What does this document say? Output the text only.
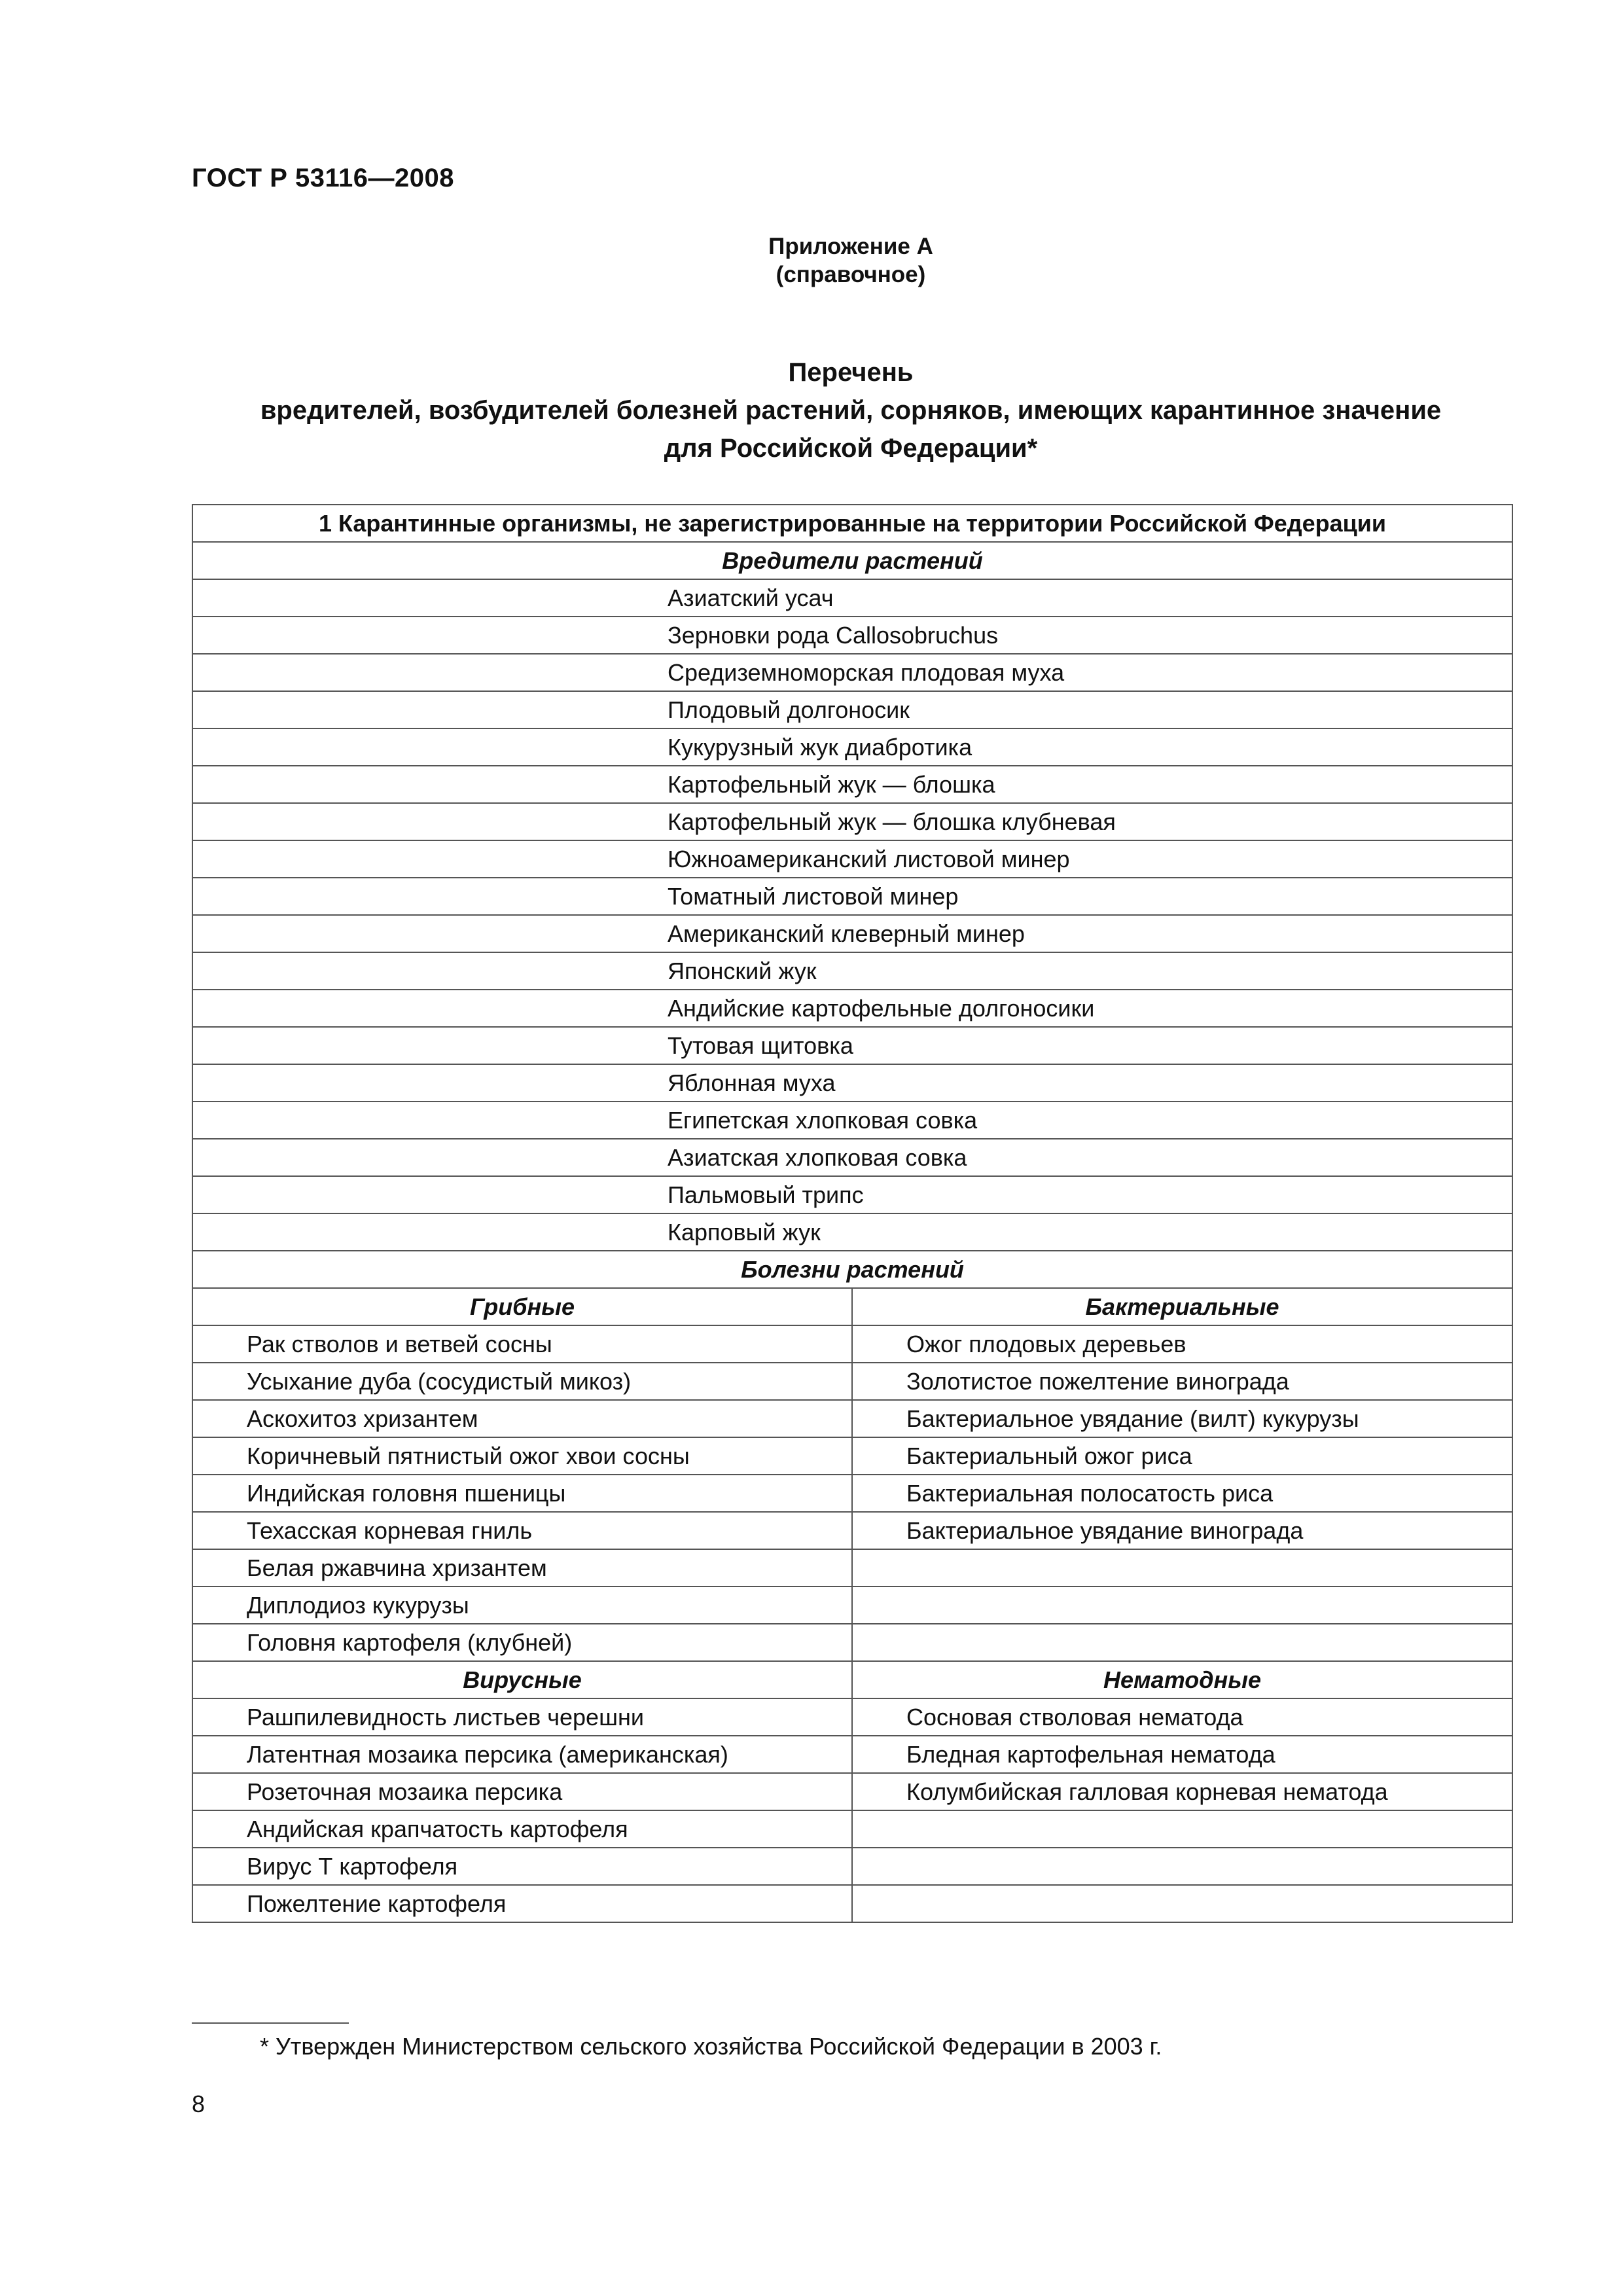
ГОСТ Р 53116—2008
Приложение А
(справочное)
Перечень
вредителей, возбудителей болезней растений, сорняков, имеющих карантинное значение
для Российской Федерации*
1 Карантинные организмы, не зарегистрированные на территории Российской Федерации	
Вредители растений	
Азиатский усач	
Зерновки рода Callosobruchus	
Средиземноморская плодовая муха	
Плодовый долгоносик	
Кукурузный жук диабротика	
Картофельный жук — блошка	
Картофельный жук — блошка клубневая	
Южноамериканский листовой минер	
Томатный листовой минер	
Американский клеверный минер	
Японский жук	
Андийские картофельные долгоносики	
Тутовая щитовка	
Яблонная муха	
Египетская хлопковая совка	
Азиатская хлопковая совка	
Пальмовый трипс	
Карповый жук	
Болезни растений	
Грибные	Бактериальные
Рак стволов и ветвей сосны	Ожог плодовых деревьев
Усыхание дуба (сосудистый микоз)	Золотистое пожелтение винограда
Аскохитоз хризантем	Бактериальное увядание (вилт) кукурузы
Коричневый пятнистый ожог хвои сосны	Бактериальный ожог риса
Индийская головня пшеницы	Бактериальная полосатость риса
Техасская корневая гниль	Бактериальное увядание винограда
Белая ржавчина хризантем	
Диплодиоз кукурузы	
Головня картофеля (клубней)	
Вирусные	Нематодные
Рашпилевидность листьев черешни	Сосновая стволовая нематода
Латентная мозаика персика (американская)	Бледная картофельная нематода
Розеточная мозаика персика	Колумбийская галловая корневая нематода
Андийская крапчатость картофеля	
Вирус Т картофеля	
Пожелтение картофеля	
* Утвержден Министерством сельского хозяйства Российской Федерации в 2003 г.
8
